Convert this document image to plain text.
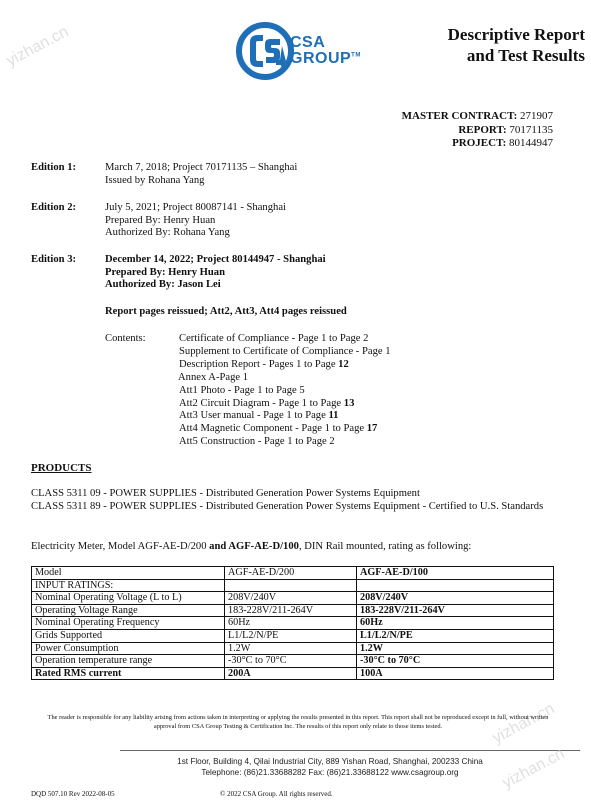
yizhan.cn
yizhan.cn
CSA
GROUP™
Descriptive Report
and Test Results
MASTER CONTRACT: 271907
REPORT: 70171135
PROJECT: 80144947
Edition 1:	March 7, 2018; Project 70171135 – Shanghai
Issued by Rohana Yang
Edition 2:	July 5, 2021; Project 80087141 - Shanghai
Prepared By: Henry Huan
Authorized By: Rohana Yang
Edition 3:	December 14, 2022; Project 80144947 - Shanghai
Prepared By: Henry Huan
Authorized By: Jason Lei
Report pages reissued; Att2, Att3, Att4 pages reissued
Contents:	Certificate of Compliance - Page 1 to Page 2
Supplement to Certificate of Compliance - Page 1
Description Report - Pages 1 to Page 12
Annex A-Page 1
Att1 Photo - Page 1 to Page 5
Att2 Circuit Diagram - Page 1 to Page 13
Att3 User manual - Page 1 to Page 11
Att4 Magnetic Component - Page 1 to Page 17
Att5 Construction - Page 1 to Page 2
PRODUCTS
CLASS 5311 09 - POWER SUPPLIES - Distributed Generation Power Systems Equipment
CLASS 5311 89 - POWER SUPPLIES - Distributed Generation Power Systems Equipment - Certified to U.S. Standards
Electricity Meter, Model AGF-AE-D/200 and AGF-AE-D/100, DIN Rail mounted, rating as following:
Model	AGF-AE-D/200	AGF-AE-D/100
INPUT RATINGS:		
Nominal Operating Voltage (L to L)	208V/240V	208V/240V
Operating Voltage Range	183-228V/211-264V	183-228V/211-264V
Nominal Operating Frequency	60Hz	60Hz
Grids Supported	L1/L2/N/PE	L1/L2/N/PE
Power Consumption	1.2W	1.2W
Operation temperature range	-30°C to 70°C	-30°C to 70°C
Rated RMS current	200A	100A
The reader is responsible for any liability arising from actions taken in interpreting or applying the results presented in this report. This report shall not be reproduced except in full, without written approval from CSA Group Testing & Certification Inc. The results of this report only relate to those items tested.
1st Floor, Building 4, Qilai Industrial City, 889 Yishan Road, Shanghai, 200233 China
Telephone: (86)21.33688282 Fax: (86)21.33688122 www.csagroup.org
DQD 507.10 Rev 2022-08-05	© 2022 CSA Group. All rights reserved.
yizhan.cn
